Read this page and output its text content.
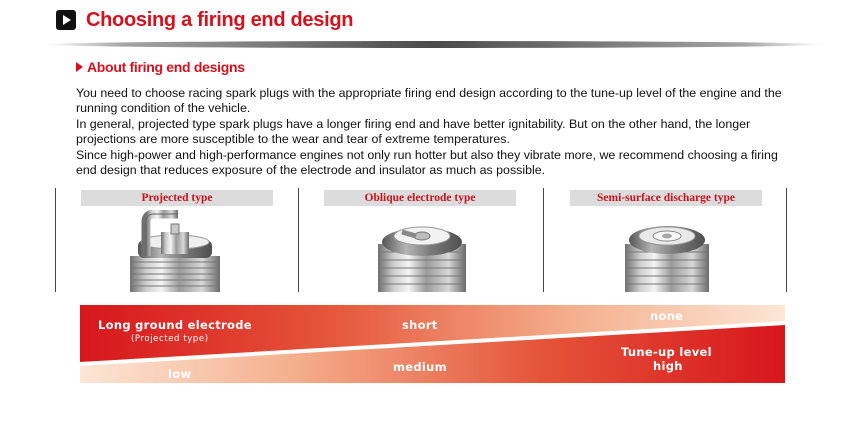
Choosing a firing end design
About firing end designs

You need to choose racing spark plugs with the appropriate firing end design according to the tune-up level of the engine and the running condition of the vehicle.

In general, projected type spark plugs have a longer firing end and have better ignitability. But on the other hand, the longer projections are more susceptible to the wear and tear of extreme temperatures.

Since high-power and high-performance engines not only run hotter but also they vibrate more, we recommend choosing a firing end design that reduces exposure of the electrode and insulator as much as possible.

Projected type	Oblique electrode type	Semi-surface discharge type
Long ground electrode
(Projected type)
short
none
low	medium
Tune-up level
high
